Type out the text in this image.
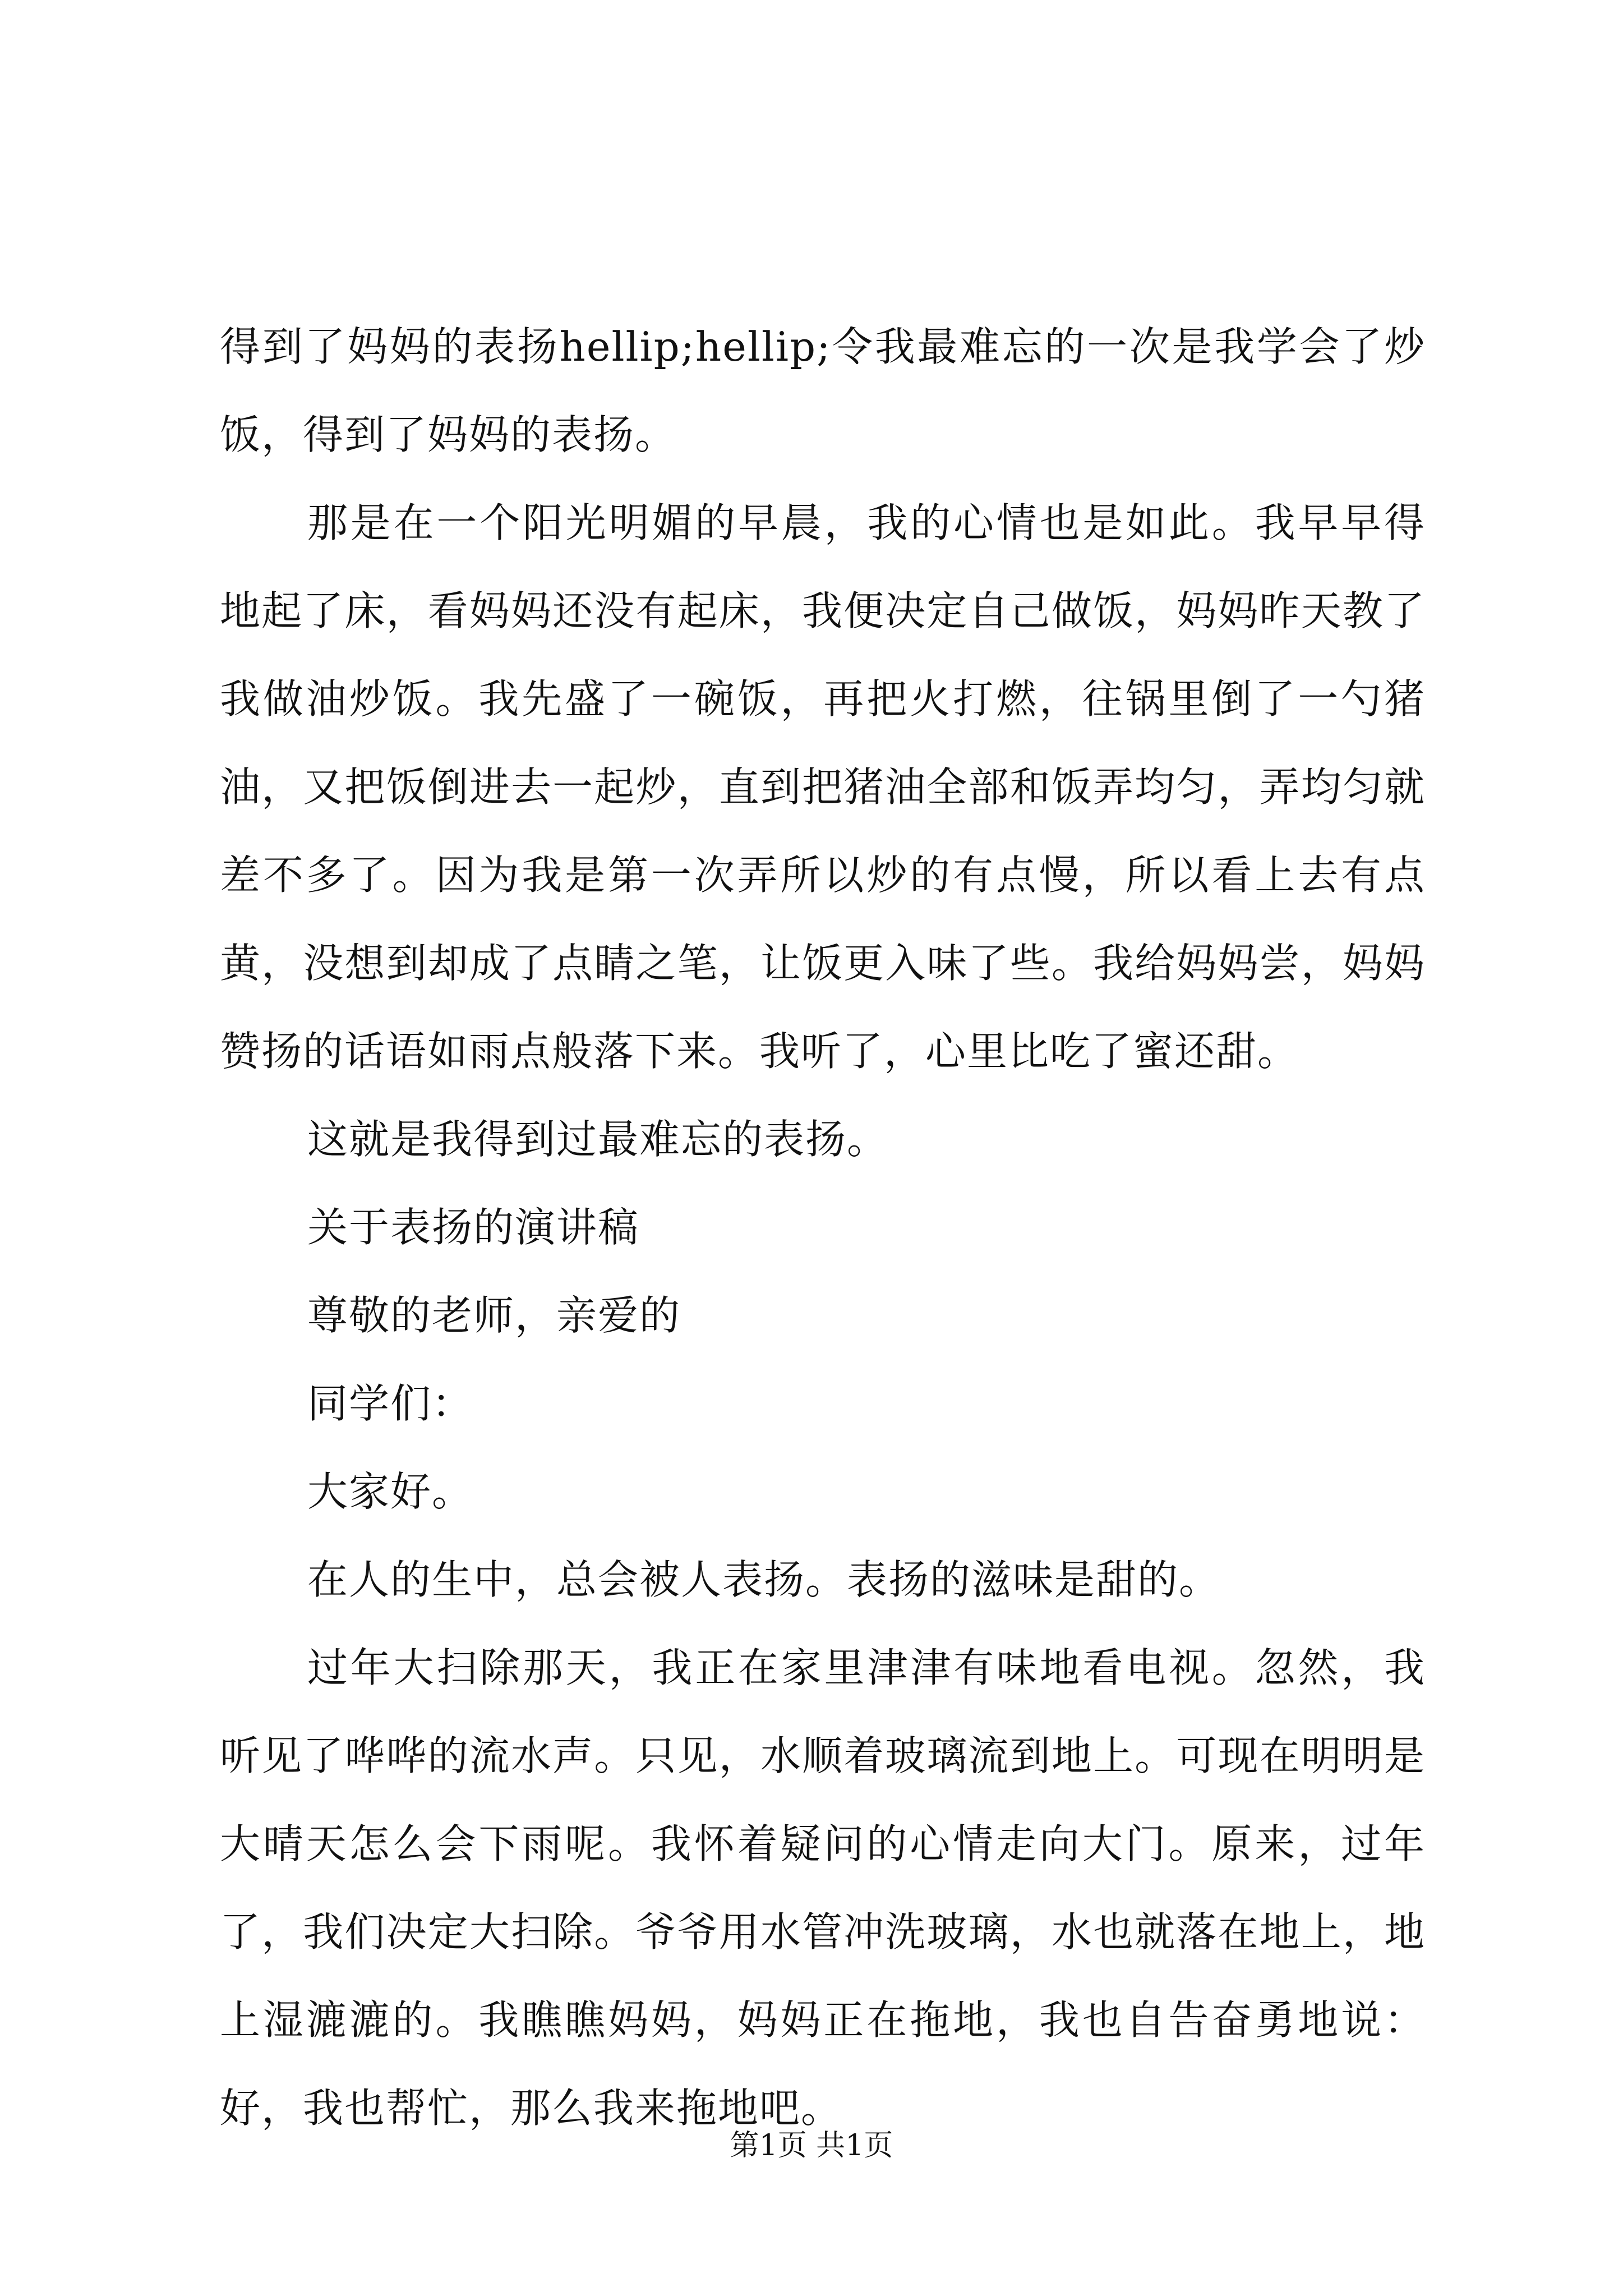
得到了妈妈的表扬hellip;hellip;令我最难忘的一次是我学会了炒饭，得到了妈妈的表扬。

那是在一个阳光明媚的早晨，我的心情也是如此。我早早得地起了床，看妈妈还没有起床，我便决定自己做饭，妈妈昨天教了我做油炒饭。我先盛了一碗饭，再把火打燃，往锅里倒了一勺猪油，又把饭倒进去一起炒，直到把猪油全部和饭弄均匀，弄均匀就差不多了。因为我是第一次弄所以炒的有点慢，所以看上去有点黄，没想到却成了点睛之笔，让饭更入味了些。我给妈妈尝，妈妈赞扬的话语如雨点般落下来。我听了，心里比吃了蜜还甜。

这就是我得到过最难忘的表扬。

关于表扬的演讲稿

尊敬的老师，亲爱的

同学们：

大家好。

在人的生中，总会被人表扬。表扬的滋味是甜的。

过年大扫除那天，我正在家里津津有味地看电视。忽然，我听见了哗哗的流水声。只见，水顺着玻璃流到地上。可现在明明是大晴天怎么会下雨呢。我怀着疑问的心情走向大门。原来，过年了，我们决定大扫除。爷爷用水管冲洗玻璃，水也就落在地上，地上湿漉漉的。我瞧瞧妈妈，妈妈正在拖地，我也自告奋勇地说：好，我也帮忙，那么我来拖地吧。

第1页 共1页
